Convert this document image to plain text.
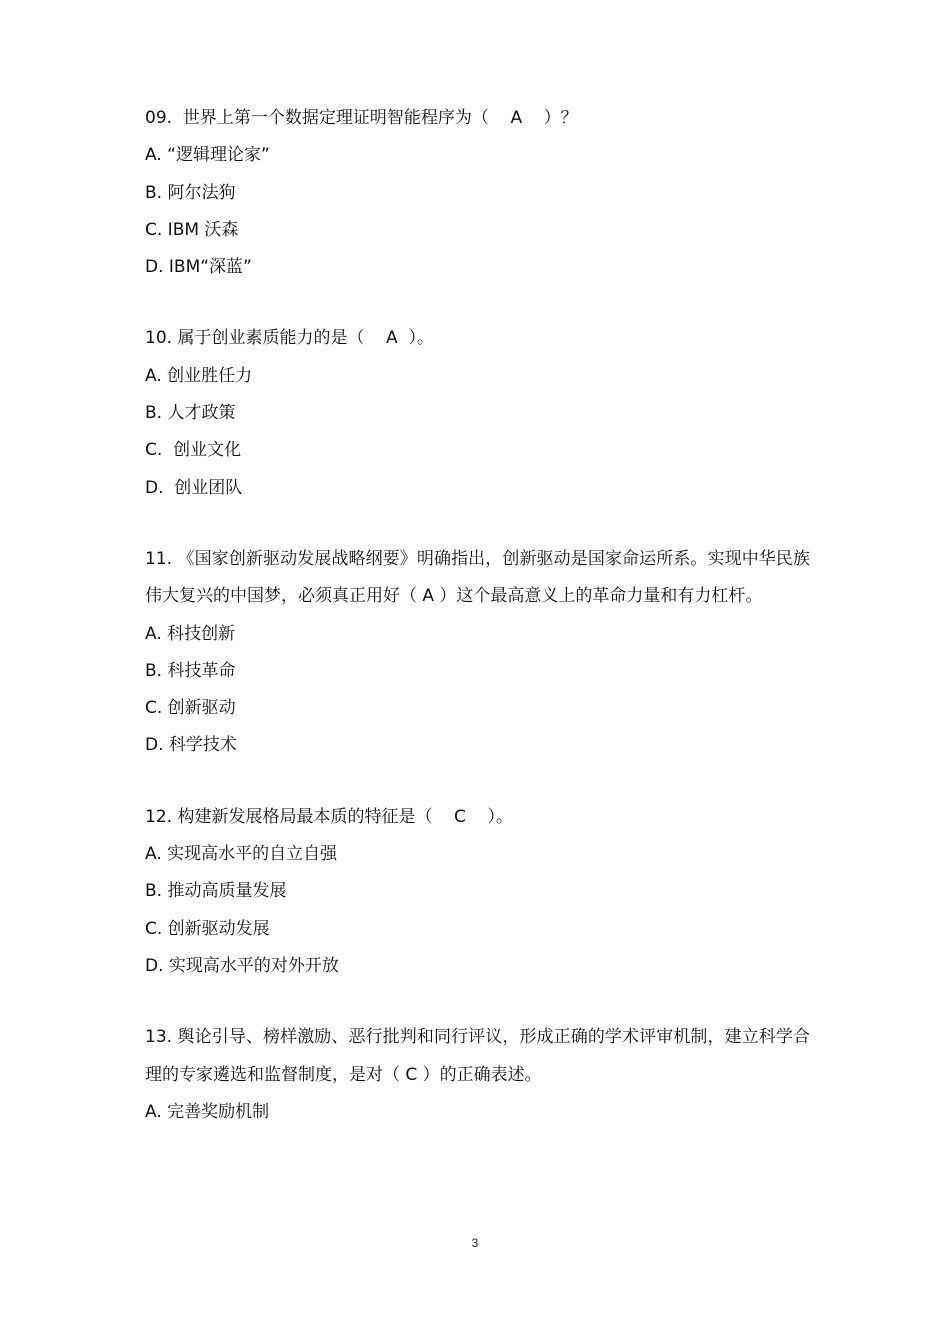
09.  世界上第一个数据定理证明智能程序为（    A    ）？

A. “逻辑理论家”

B. 阿尔法狗

C. IBM 沃森

D. IBM“深蓝”

10. 属于创业素质能力的是（    A  ）。

A. 创业胜任力

B. 人才政策

C.  创业文化

D.  创业团队

11. 《国家创新驱动发展战略纲要》明确指出，创新驱动是国家命运所系。实现中华民族伟大复兴的中国梦，必须真正用好（ A ）这个最高意义上的革命力量和有力杠杆。

A. 科技创新

B. 科技革命

C. 创新驱动

D. 科学技术

12. 构建新发展格局最本质的特征是（    C    ）。

A. 实现高水平的自立自强

B. 推动高质量发展

C. 创新驱动发展

D. 实现高水平的对外开放

13. 舆论引导、榜样激励、恶行批判和同行评议，形成正确的学术评审机制，建立科学合理的专家遴选和监督制度，是对（ C ）的正确表述。

A. 完善奖励机制

3
